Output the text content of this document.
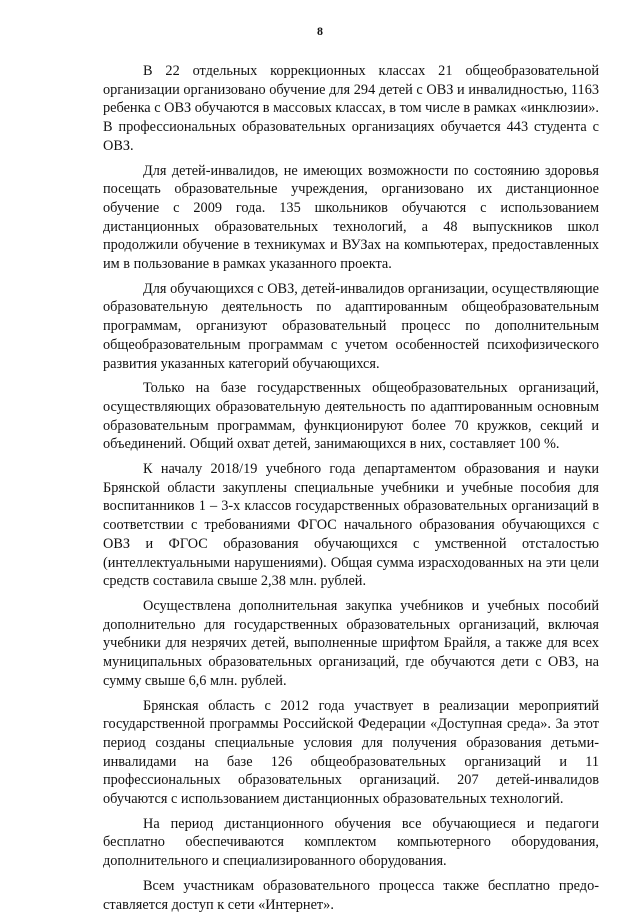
8

В 22 отдельных коррекционных классах 21 общеобразовательной организации организовано обучение для 294 детей с ОВЗ и инвалидностью, 1163 ребенка с ОВЗ обучаются в массовых классах, в том числе в рамках «инклюзии». В профессиональных образовательных организациях обучается 443 студента с ОВЗ.

Для детей-инвалидов, не имеющих возможности по состоянию здоровья посещать образовательные учреждения, организовано их дистанционное обучение с 2009 года. 135 школьников обучаются с использованием дистанционных образовательных технологий, а 48 выпускников школ продолжили обучение в техникумах и ВУЗах на компьютерах, предоставленных им в пользование в рамках указанного проекта.

Для обучающихся с ОВЗ, детей-инвалидов организации, осуществляющие образовательную деятельность по адаптированным общеобразовательным программам, организуют образовательный процесс по дополнительным общеобразовательным программам с учетом особенностей психофизического развития указанных категорий обучающихся.

Только на базе государственных общеобразовательных организаций, осуществляющих образовательную деятельность по адаптированным основным образовательным программам, функционируют более 70 кружков, секций и объединений. Общий охват детей, занимающихся в них, составляет 100 %.

К началу 2018/19 учебного года департаментом образования и науки Брянской области закуплены специальные учебники и учебные пособия для воспитанников 1 – 3-х классов государственных образовательных организаций в соответствии с требованиями ФГОС начального образования обучающихся с ОВЗ и ФГОС образования обучающихся с умственной отсталостью (интеллектуальными нарушениями). Общая сумма израсходованных на эти цели средств составила свыше 2,38 млн. рублей.

Осуществлена дополнительная закупка учебников и учебных пособий дополнительно для государственных образовательных организаций, включая учебники для незрячих детей, выполненные шрифтом Брайля, а также для всех муниципальных образовательных организаций, где обучаются дети с ОВЗ, на сумму свыше 6,6 млн. рублей.

Брянская область с 2012 года участвует в реализации мероприятий государственной программы Российской Федерации «Доступная среда». За этот период созданы специальные условия для получения образования детьми-инвалидами на базе 126 общеобразовательных организаций и 11 профессиональных образовательных организаций. 207 детей-инвалидов обучаются с использованием дистанционных образовательных технологий.

На период дистанционного обучения все обучающиеся и педагоги бесплатно обеспечиваются комплектом компьютерного оборудования, дополнительного и специализированного оборудования.

Всем участникам образовательного процесса также бесплатно предоставляется доступ к сети «Интернет».
